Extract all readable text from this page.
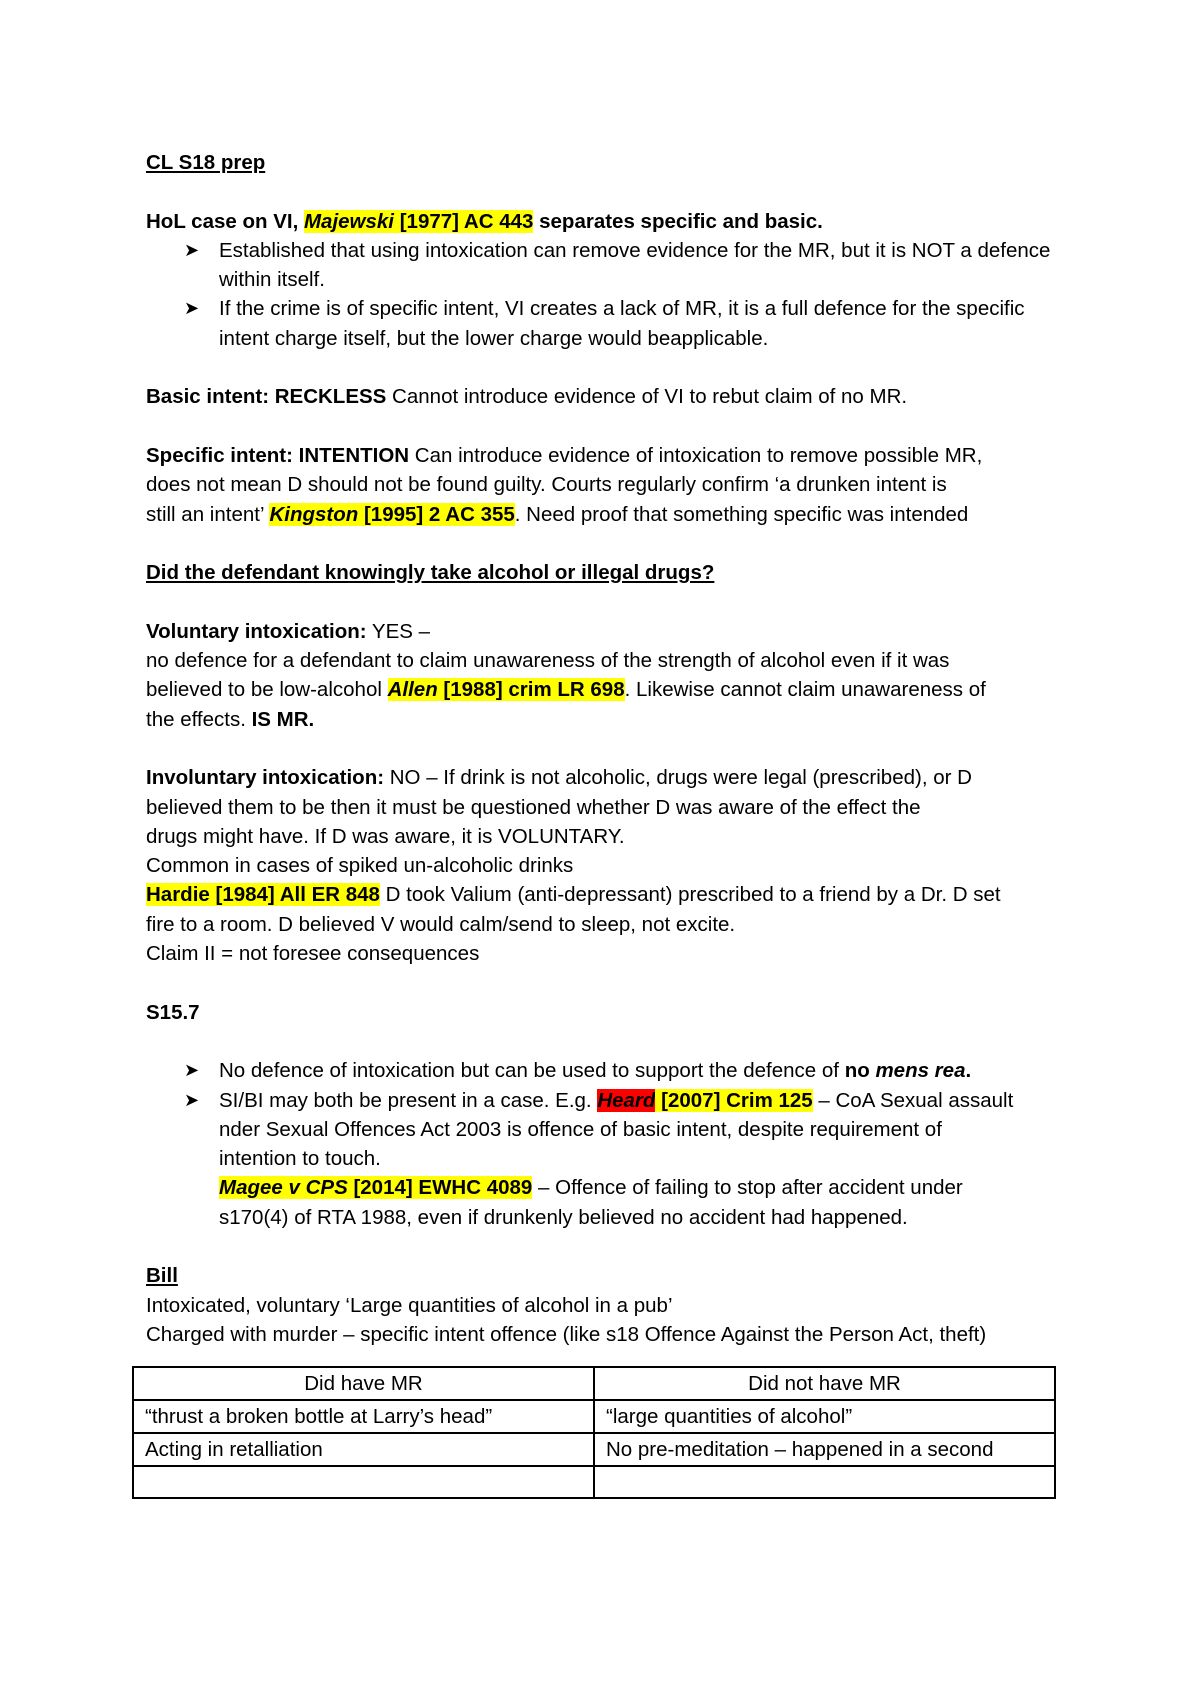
CL S18 prep
HoL case on VI, Majewski [1977] AC 443 separates specific and basic.
➤ Established that using intoxication can remove evidence for the MR, but it is NOT a defence within itself.
➤ If the crime is of specific intent, VI creates a lack of MR, it is a full defence for the specific intent charge itself, but the lower charge would beapplicable.
Basic intent: RECKLESS Cannot introduce evidence of VI to rebut claim of no MR.
Specific intent: INTENTION Can introduce evidence of intoxication to remove possible MR,
does not mean D should not be found guilty. Courts regularly confirm ‘a drunken intent is
still an intent’ Kingston [1995] 2 AC 355. Need proof that something specific was intended
Did the defendant knowingly take alcohol or illegal drugs?
Voluntary intoxication: YES –
no defence for a defendant to claim unawareness of the strength of alcohol even if it was
believed to be low-alcohol Allen [1988] crim LR 698. Likewise cannot claim unawareness of
the effects. IS MR.
Involuntary intoxication: NO – If drink is not alcoholic, drugs were legal (prescribed), or D
believed them to be then it must be questioned whether D was aware of the effect the
drugs might have. If D was aware, it is VOLUNTARY.
Common in cases of spiked un-alcoholic drinks
Hardie [1984] All ER 848 D took Valium (anti-depressant) prescribed to a friend by a Dr. D set
fire to a room. D believed V would calm/send to sleep, not excite.
Claim II = not foresee consequences
S15.7
➤ No defence of intoxication but can be used to support the defence of no mens rea.
➤ SI/BI may both be present in a case. E.g. Heard [2007] Crim 125 – CoA Sexual assault
nder Sexual Offences Act 2003 is offence of basic intent, despite requirement of
intention to touch.
Magee v CPS [2014] EWHC 4089 – Offence of failing to stop after accident under
s170(4) of RTA 1988, even if drunkenly believed no accident had happened.
Bill
Intoxicated, voluntary ‘Large quantities of alcohol in a pub’
Charged with murder – specific intent offence (like s18 Offence Against the Person Act, theft)
Did have MR	Did not have MR
“thrust a broken bottle at Larry’s head”	“large quantities of alcohol”
Acting in retalliation	No pre-meditation – happened in a second
